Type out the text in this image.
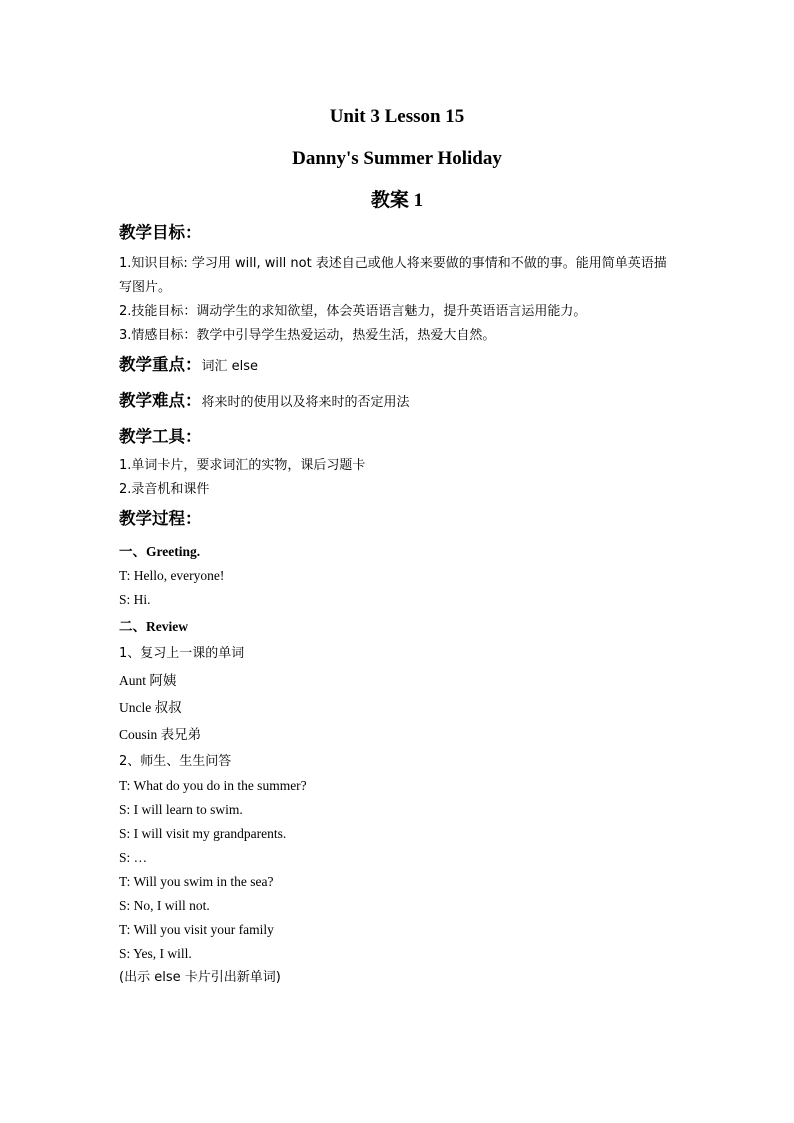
Unit 3 Lesson 15
Danny's Summer Holiday
教案 1
教学目标：
1.知识目标: 学习用 will, will not 表述自己或他人将来要做的事情和不做的事。能用简单英语描写图片。
2.技能目标：调动学生的求知欲望，体会英语语言魅力，提升英语语言运用能力。
3.情感目标：教学中引导学生热爱运动，热爱生活，热爱大自然。
教学重点：词汇 else
教学难点：将来时的使用以及将来时的否定用法
教学工具：
1.单词卡片，要求词汇的实物，课后习题卡
2.录音机和课件
教学过程：
一、Greeting.
T: Hello, everyone!
S: Hi.
二、Review
1、复习上一课的单词
Aunt 阿姨
Uncle 叔叔
Cousin 表兄弟
2、师生、生生问答
T: What do you do in the summer?
S: I will learn to swim.
S: I will visit my grandparents.
S: …
T: Will you swim in the sea?
S: No, I will not.
T: Will you visit your family
S: Yes, I will.
(出示 else 卡片引出新单词)
